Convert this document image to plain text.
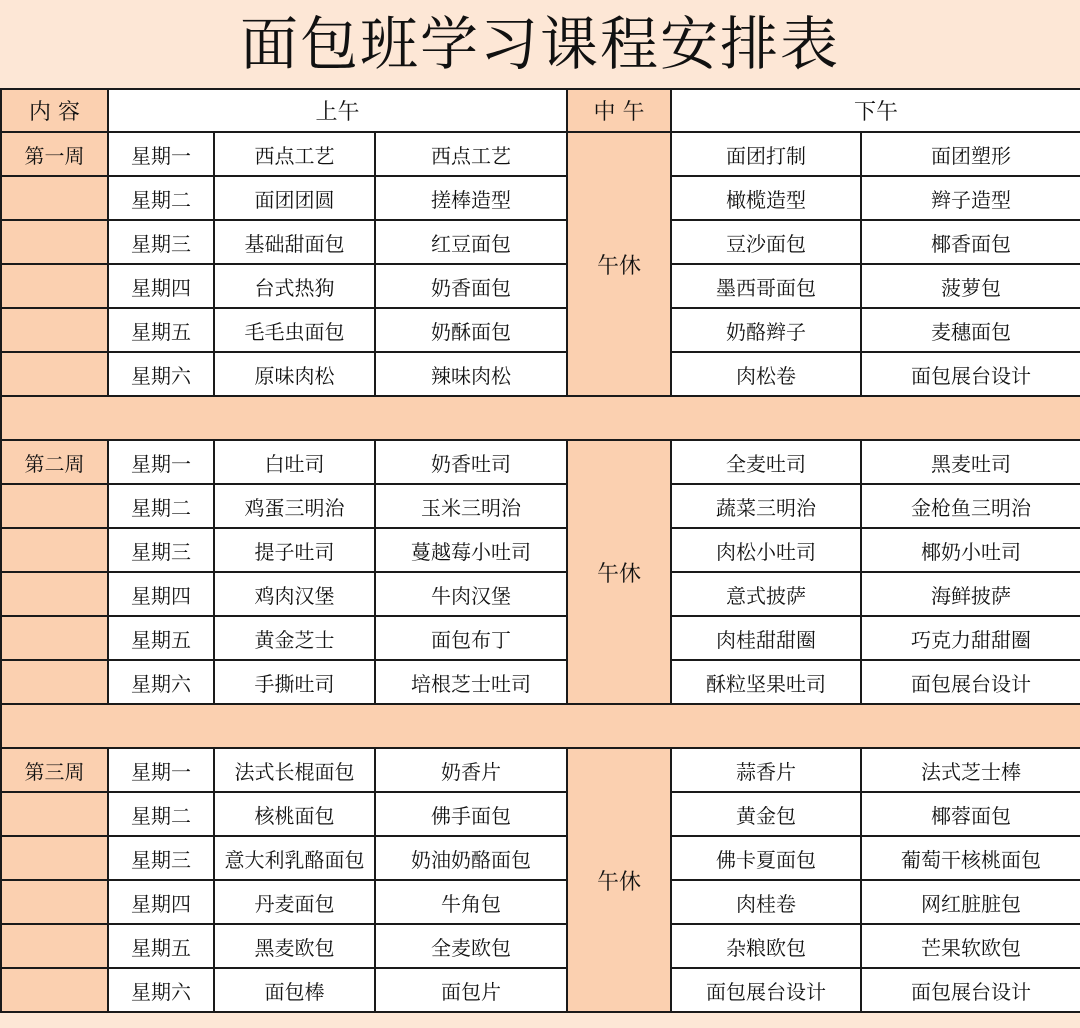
面包班学习课程安排表
内 容	上午			中 午	下午	
第一周	星期一	西点工艺	西点工艺	午休	面团打制	面团塑形
	星期二	面团团圆	搓棒造型		橄榄造型	辫子造型
	星期三	基础甜面包	红豆面包		豆沙面包	椰香面包
	星期四	台式热狗	奶香面包		墨西哥面包	菠萝包
	星期五	毛毛虫面包	奶酥面包		奶酪辫子	麦穗面包
	星期六	原味肉松	辣味肉松		肉松卷	面包展台设计

第二周	星期一	白吐司	奶香吐司	午休	全麦吐司	黑麦吐司
	星期二	鸡蛋三明治	玉米三明治		蔬菜三明治	金枪鱼三明治
	星期三	提子吐司	蔓越莓小吐司		肉松小吐司	椰奶小吐司
	星期四	鸡肉汉堡	牛肉汉堡		意式披萨	海鲜披萨
	星期五	黄金芝士	面包布丁		肉桂甜甜圈	巧克力甜甜圈
	星期六	手撕吐司	培根芝士吐司		酥粒坚果吐司	面包展台设计

第三周	星期一	法式长棍面包	奶香片	午休	蒜香片	法式芝士棒
	星期二	核桃面包	佛手面包		黄金包	椰蓉面包
	星期三	意大利乳酪面包	奶油奶酪面包		佛卡夏面包	葡萄干核桃面包
	星期四	丹麦面包	牛角包		肉桂卷	网红脏脏包
	星期五	黑麦欧包	全麦欧包		杂粮欧包	芒果软欧包
	星期六	面包棒	面包片		面包展台设计	面包展台设计
